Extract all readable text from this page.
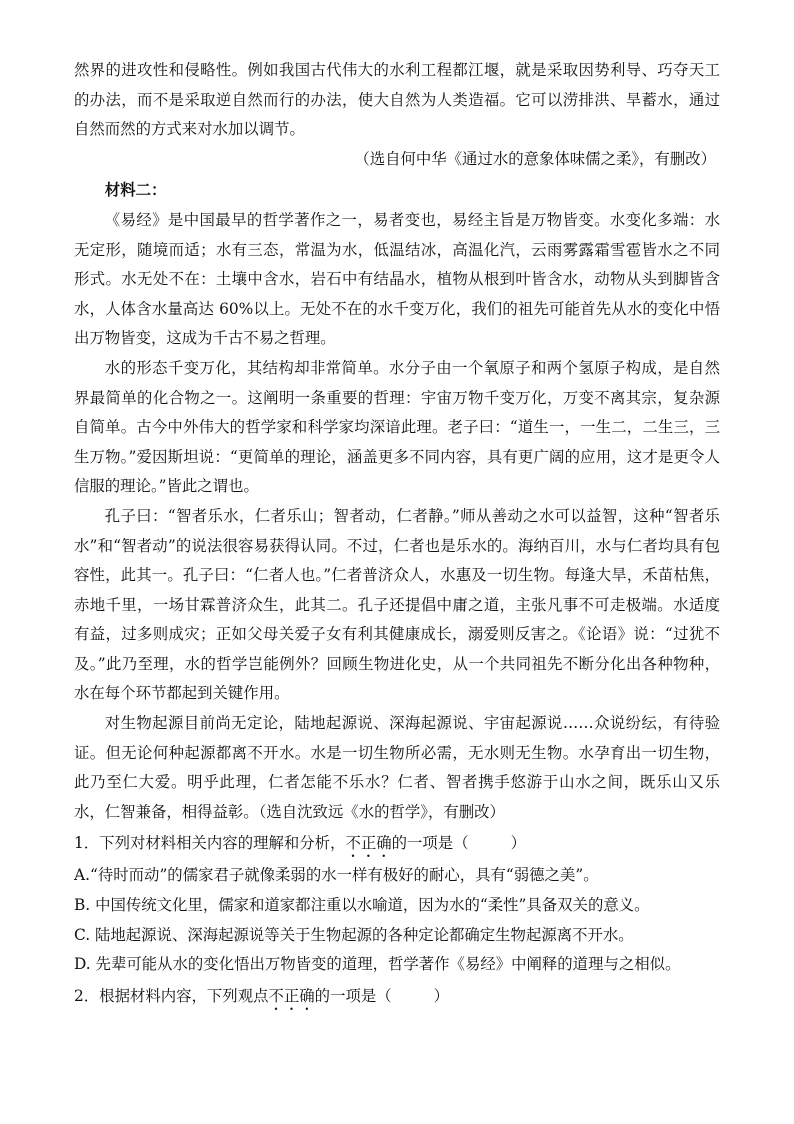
然界的进攻性和侵略性。例如我国古代伟大的水利工程都江堰，就是采取因势利导、巧夺天工的办法，而不是采取逆自然而行的办法，使大自然为人类造福。它可以涝排洪、旱蓄水，通过自然而然的方式来对水加以调节。

（选自何中华《通过水的意象体味儒之柔》，有删改）

材料二：

《易经》是中国最早的哲学著作之一，易者变也，易经主旨是万物皆变。水变化多端：水无定形，随境而适；水有三态，常温为水，低温结冰，高温化汽，云雨雾露霜雪雹皆水之不同形式。水无处不在：土壤中含水，岩石中有结晶水，植物从根到叶皆含水，动物从头到脚皆含水，人体含水量高达 60%以上。无处不在的水千变万化，我们的祖先可能首先从水的变化中悟出万物皆变，这成为千古不易之哲理。

水的形态千变万化，其结构却非常简单。水分子由一个氧原子和两个氢原子构成，是自然界最简单的化合物之一。这阐明一条重要的哲理：宇宙万物千变万化，万变不离其宗，复杂源自简单。古今中外伟大的哲学家和科学家均深谙此理。老子曰：“道生一，一生二，二生三，三生万物。”爱因斯坦说：“更简单的理论，涵盖更多不同内容，具有更广阔的应用，这才是更令人信服的理论。”皆此之谓也。

孔子曰：“智者乐水，仁者乐山；智者动，仁者静。”师从善动之水可以益智，这种“智者乐水”和“智者动”的说法很容易获得认同。不过，仁者也是乐水的。海纳百川，水与仁者均具有包容性，此其一。孔子曰：“仁者人也。”仁者普济众人，水惠及一切生物。每逢大旱，禾苗枯焦，赤地千里，一场甘霖普济众生，此其二。孔子还提倡中庸之道，主张凡事不可走极端。水适度有益，过多则成灾；正如父母关爱子女有利其健康成长，溺爱则反害之。《论语》说：“过犹不及。”此乃至理，水的哲学岂能例外？回顾生物进化史，从一个共同祖先不断分化出各种物种，水在每个环节都起到关键作用。

对生物起源目前尚无定论，陆地起源说、深海起源说、宇宙起源说……众说纷纭，有待验证。但无论何种起源都离不开水。水是一切生物所必需，无水则无生物。水孕育出一切生物，此乃至仁大爱。明乎此理，仁者怎能不乐水？仁者、智者携手悠游于山水之间，既乐山又乐水，仁智兼备，相得益彰。（选自沈致远《水的哲学》，有删改）

1．下列对材料相关内容的理解和分析，不正确的一项是（	）

A.“待时而动”的儒家君子就像柔弱的水一样有极好的耐心，具有“弱德之美”。

B. 中国传统文化里，儒家和道家都注重以水喻道，因为水的“柔性”具备双关的意义。

C. 陆地起源说、深海起源说等关于生物起源的各种定论都确定生物起源离不开水。

D. 先辈可能从水的变化悟出万物皆变的道理，哲学著作《易经》中阐释的道理与之相似。

2．根据材料内容，下列观点不正确的一项是（	）
